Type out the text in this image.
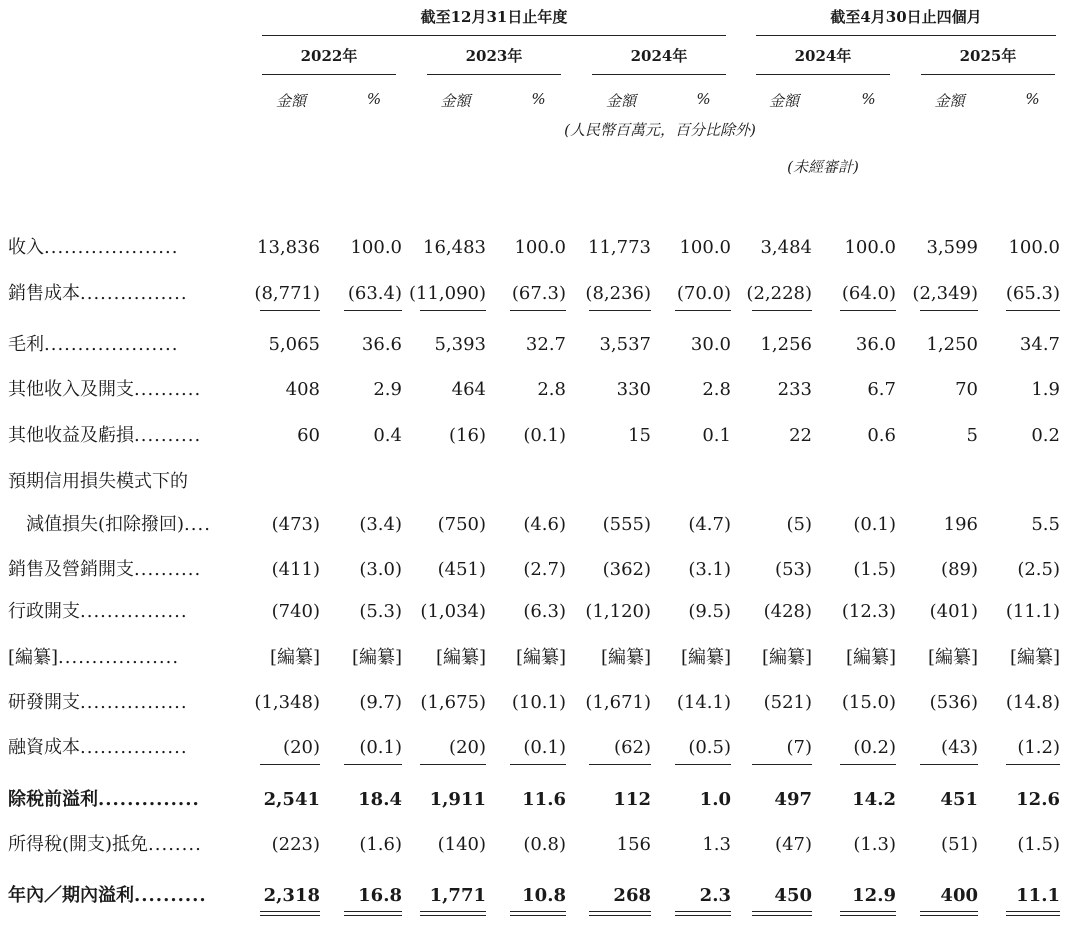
截至12月31日止年度	截至4月30日止四個月
2022年	2023年	2024年	2024年	2025年
金額	%	金額	%	金額	%	金額	%	金額	%
(人民幣百萬元，百分比除外)
(未經審計)
收入....................	13,836	100.0	16,483	100.0	11,773	100.0	3,484	100.0	3,599	100.0
銷售成本................	(8,771)	(63.4) (11,090)	(67.3)	(8,236)	(70.0) (2,228)	(64.0) (2,349)	(65.3)
毛利....................	5,065	36.6	5,393	32.7	3,537	30.0	1,256	36.0	1,250	34.7
其他收入及開支..........	408	2.9	464	2.8	330	2.8	233	6.7	70	1.9
其他收益及虧損..........	60	0.4	(16)	(0.1)	15	0.1	22	0.6	5	0.2
預期信用損失模式下的
減值損失(扣除撥回)....	(473)	(3.4)	(750)	(4.6)	(555)	(4.7)	(5)	(0.1)	196	5.5
銷售及營銷開支..........	(411)	(3.0)	(451)	(2.7)	(362)	(3.1)	(53)	(1.5)	(89)	(2.5)
行政開支................	(740)	(5.3)	(1,034)	(6.3)	(1,120)	(9.5)	(428)	(12.3)	(401)	(11.1)
[編纂]..................	[編纂]	[編纂]	[編纂]	[編纂]	[編纂]	[編纂]	[編纂]	[編纂]	[編纂]	[編纂]
研發開支................	(1,348)	(9.7)	(1,675)	(10.1)	(1,671)	(14.1)	(521)	(15.0)	(536)	(14.8)
融資成本................	(20)	(0.1)	(20)	(0.1)	(62)	(0.5)	(7)	(0.2)	(43)	(1.2)
除稅前溢利..............	2,541	18.4	1,911	11.6	112	1.0	497	14.2	451	12.6
所得稅(開支)抵免........	(223)	(1.6)	(140)	(0.8)	156	1.3	(47)	(1.3)	(51)	(1.5)
年內／期內溢利..........	2,318	16.8	1,771	10.8	268	2.3	450	12.9	400	11.1
